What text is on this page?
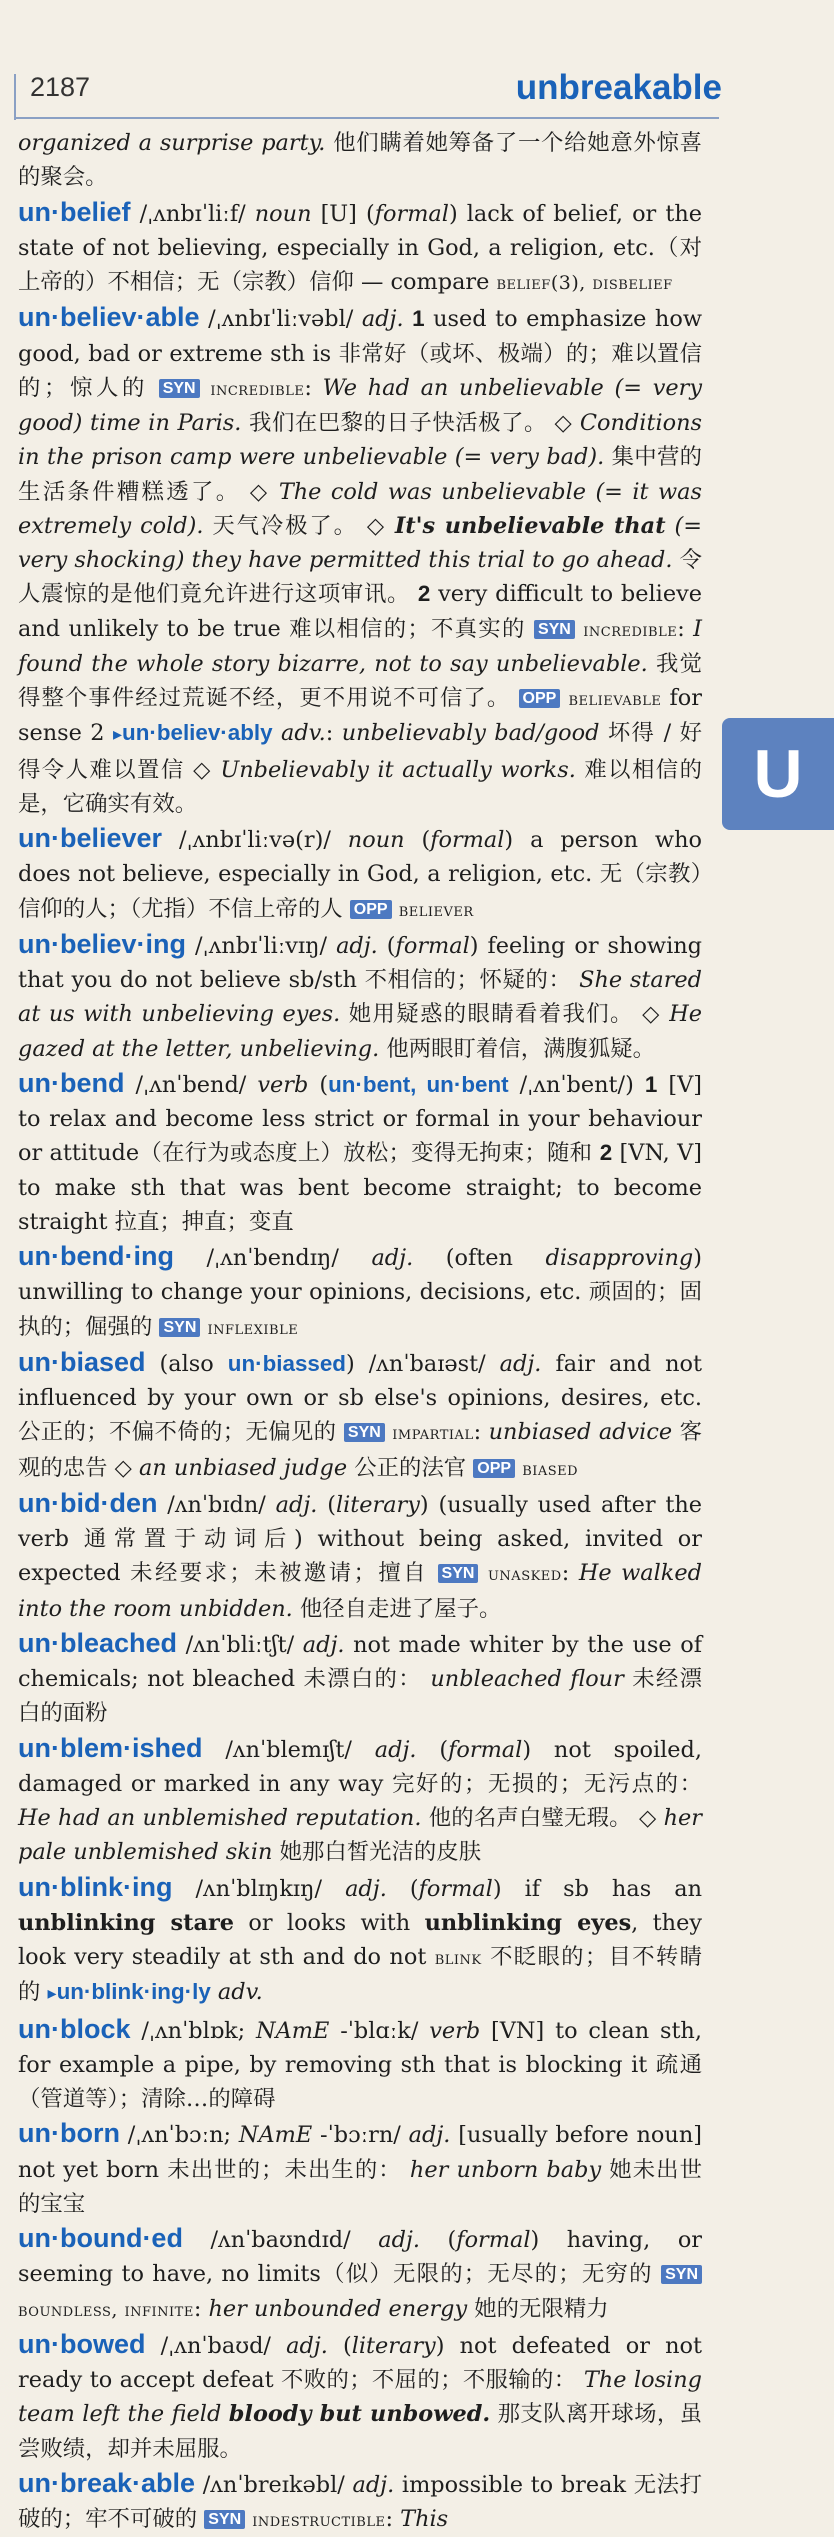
2187	unbreakable
U

organized a surprise party. 他们瞒着她筹备了一个给她意外惊喜的聚会。

un·belief /ˌʌnbɪˈliːf/ noun [U] (formal) lack of belief, or the state of not believing, especially in God, a religion, etc.（对上帝的）不相信；无（宗教）信仰 — compare belief(3), disbelief

un·believ·able /ˌʌnbɪˈliːvəbl/ adj. 1 used to emphasize how good, bad or extreme sth is 非常好（或坏、极端）的；难以置信的；惊人的 SYN incredible: We had an unbelievable (= very good) time in Paris. 我们在巴黎的日子快活极了。 ◇ Conditions in the prison camp were unbelievable (= very bad). 集中营的生活条件糟糕透了。 ◇ The cold was unbelievable (= it was extremely cold). 天气冷极了。 ◇ It's unbelievable that (= very shocking) they have permitted this trial to go ahead. 令人震惊的是他们竟允许进行这项审讯。 2 very difficult to believe and unlikely to be true 难以相信的；不真实的 SYN incredible: I found the whole story bizarre, not to say unbelievable. 我觉得整个事件经过荒诞不经，更不用说不可信了。 OPP believable for sense 2 ▸un·believ·ably adv.: unbelievably bad/good 坏得 / 好得令人难以置信 ◇ Unbelievably it actually works. 难以相信的是，它确实有效。

un·believer /ˌʌnbɪˈliːvə(r)/ noun (formal) a person who does not believe, especially in God, a religion, etc. 无（宗教）信仰的人；（尤指）不信上帝的人 OPP believer

un·believ·ing /ˌʌnbɪˈliːvɪŋ/ adj. (formal) feeling or showing that you do not believe sb/sth 不相信的；怀疑的： She stared at us with unbelieving eyes. 她用疑惑的眼睛看着我们。 ◇ He gazed at the letter, unbelieving. 他两眼盯着信，满腹狐疑。

un·bend /ˌʌnˈbend/ verb (un·bent, un·bent /ˌʌnˈbent/) 1 [V] to relax and become less strict or formal in your behaviour or attitude（在行为或态度上）放松；变得无拘束；随和 2 [VN, V] to make sth that was bent become straight; to become straight 拉直；抻直；变直

un·bend·ing /ˌʌnˈbendɪŋ/ adj. (often disapproving) unwilling to change your opinions, decisions, etc. 顽固的；固执的；倔强的 SYN inflexible

un·biased (also un·biassed) /ʌnˈbaɪəst/ adj. fair and not influenced by your own or sb else's opinions, desires, etc. 公正的；不偏不倚的；无偏见的 SYN impartial: unbiased advice 客观的忠告 ◇ an unbiased judge 公正的法官 OPP biased

un·bid·den /ʌnˈbɪdn/ adj. (literary) (usually used after the verb 通常置于动词后) without being asked, invited or expected 未经要求；未被邀请；擅自 SYN unasked: He walked into the room unbidden. 他径自走进了屋子。

un·bleached /ʌnˈbliːtʃt/ adj. not made whiter by the use of chemicals; not bleached 未漂白的： unbleached flour 未经漂白的面粉

un·blem·ished /ʌnˈblemɪʃt/ adj. (formal) not spoiled, damaged or marked in any way 完好的；无损的；无污点的： He had an unblemished reputation. 他的名声白璧无瑕。 ◇ her pale unblemished skin 她那白皙光洁的皮肤

un·blink·ing /ʌnˈblɪŋkɪŋ/ adj. (formal) if sb has an unblinking stare or looks with unblinking eyes, they look very steadily at sth and do not blink 不眨眼的；目不转睛的 ▸un·blink·ing·ly adv.

un·block /ˌʌnˈblɒk; NAmE -ˈblɑːk/ verb [VN] to clean sth, for example a pipe, by removing sth that is blocking it 疏通（管道等）；清除…的障碍

un·born /ˌʌnˈbɔːn; NAmE -ˈbɔːrn/ adj. [usually before noun] not yet born 未出世的；未出生的： her unborn baby 她未出世的宝宝

un·bound·ed /ʌnˈbaʊndɪd/ adj. (formal) having, or seeming to have, no limits（似）无限的；无尽的；无穷的 SYN boundless, infinite: her unbounded energy 她的无限精力

un·bowed /ˌʌnˈbaʊd/ adj. (literary) not defeated or not ready to accept defeat 不败的；不屈的；不服输的： The losing team left the field bloody but unbowed. 那支队离开球场，虽尝败绩，却并未屈服。

un·break·able /ʌnˈbreɪkəbl/ adj. impossible to break 无法打破的；牢不可破的 SYN indestructible: This
